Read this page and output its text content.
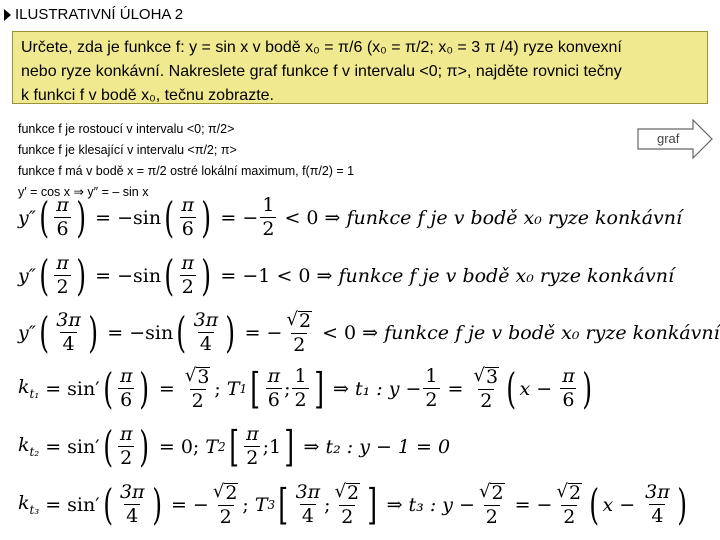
ILUSTRATIVNÍ ÚLOHA 2
Určete, zda je funkce f: y = sin x v bodě x₀ = π/6 (x₀ = π/2; x₀ = 3 π /4) ryze konvexní
nebo ryze konkávní. Nakreslete graf funkce f v intervalu <0; π>, najděte rovnici tečny
k funkci f v bodě x₀, tečnu zobrazte.
funkce f je rostoucí v intervalu <0; π/2>
funkce f je klesající v intervalu <π/2; π>
funkce f má v bodě x = π/2 ostré lokální maximum, f(π/2) = 1
y′ = cos x ⇒ y″ = – sin x
graf
y″ ( $\frac{\pi}{6}$ ) = −sin ( $\frac{\pi}{6}$ ) = − $\frac{1}{2} < 0$ ⇒ funkce f je v bodě x₀ ryze konkávní
y″ ( $\frac{\pi}{2}$ ) = −sin ( $\frac{\pi}{2}$ ) = −1 < 0 ⇒ funkce f je v bodě x₀ ryze konkávní
y″ ( $\frac{3\pi}{4}$ ) = −sin ( $\frac{3\pi}{4}$ ) = − $\frac{√ 2}{2} < 0$ ⇒ funkce f je v bodě x₀ ryze konkávní
$k_{t_1} = \sin'$ ( $\frac{\pi}{6}$ ) = $\frac{√ 3}{2}$ ; T 1 [ $\frac{\pi}{6}$ ; $\frac{1}{2}$ ] ⇒ t₁ : $y - \frac{1}{2} = \frac{√ 3}{2}$ ( $x - \frac{\pi}{6}$ )
$k_{t_2} = \sin'$ ( $\frac{\pi}{2}$ ) = 0; T 2 [ $\frac{\pi}{2}$ ;1 ] ⇒ t₂ : y − 1 = 0
$k_{t_3} = \sin'$ ( $\frac{3\pi}{4}$ ) = − $\frac{√ 2}{2}$ ; T 3 [ $\frac{3\pi}{4}$ ; $\frac{√ 2}{2}$ ] ⇒ t₃ : $y - \frac{√ 2}{2}$ = − $\frac{√ 2}{2}$ ( $x - \frac{3\pi}{4}$ )
